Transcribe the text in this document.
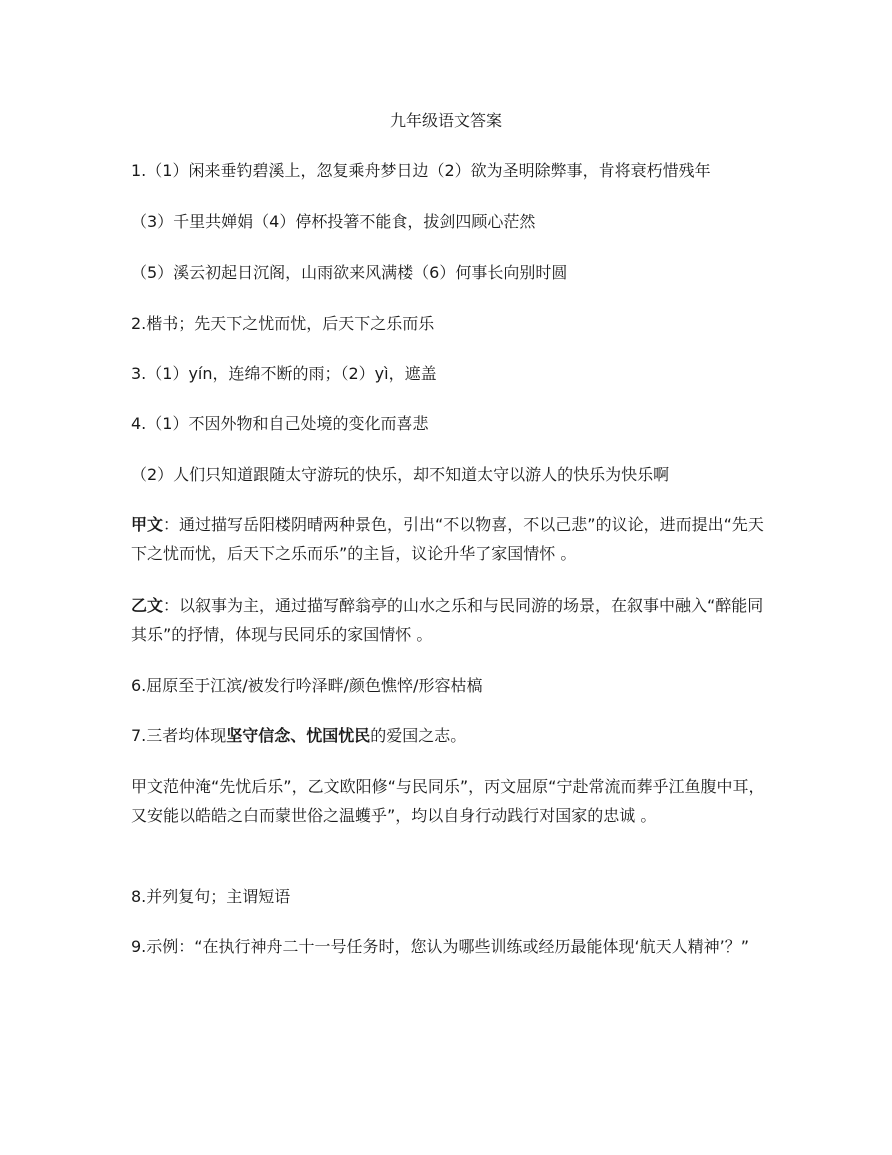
九年级语文答案
1.（1）闲来垂钓碧溪上，忽复乘舟梦日边（2）欲为圣明除弊事，肯将衰朽惜残年
（3）千里共婵娟（4）停杯投箸不能食，拔剑四顾心茫然
（5）溪云初起日沉阁，山雨欲来风满楼（6）何事长向别时圆
2.楷书；先天下之忧而忧，后天下之乐而乐
3.（1）yín，连绵不断的雨；（2）yì，遮盖
4.（1）不因外物和自己处境的变化而喜悲
（2）人们只知道跟随太守游玩的快乐，却不知道太守以游人的快乐为快乐啊
甲文：通过描写岳阳楼阴晴两种景色，引出“不以物喜，不以己悲”的议论，进而提出“先天下之忧而忧，后天下之乐而乐”的主旨，议论升华了家国情怀 。
乙文：以叙事为主，通过描写醉翁亭的山水之乐和与民同游的场景，在叙事中融入“醉能同其乐”的抒情，体现与民同乐的家国情怀 。
6.屈原至于江滨/被发行吟泽畔/颜色憔悴/形容枯槁
7.三者均体现坚守信念、忧国忧民的爱国之志。
甲文范仲淹“先忧后乐”，乙文欧阳修“与民同乐”，丙文屈原“宁赴常流而葬乎江鱼腹中耳，又安能以皓皓之白而蒙世俗之温蠖乎”，均以自身行动践行对国家的忠诚 。
8.并列复句；主谓短语
9.示例：“在执行神舟二十一号任务时，您认为哪些训练或经历最能体现‘航天人精神’？”
